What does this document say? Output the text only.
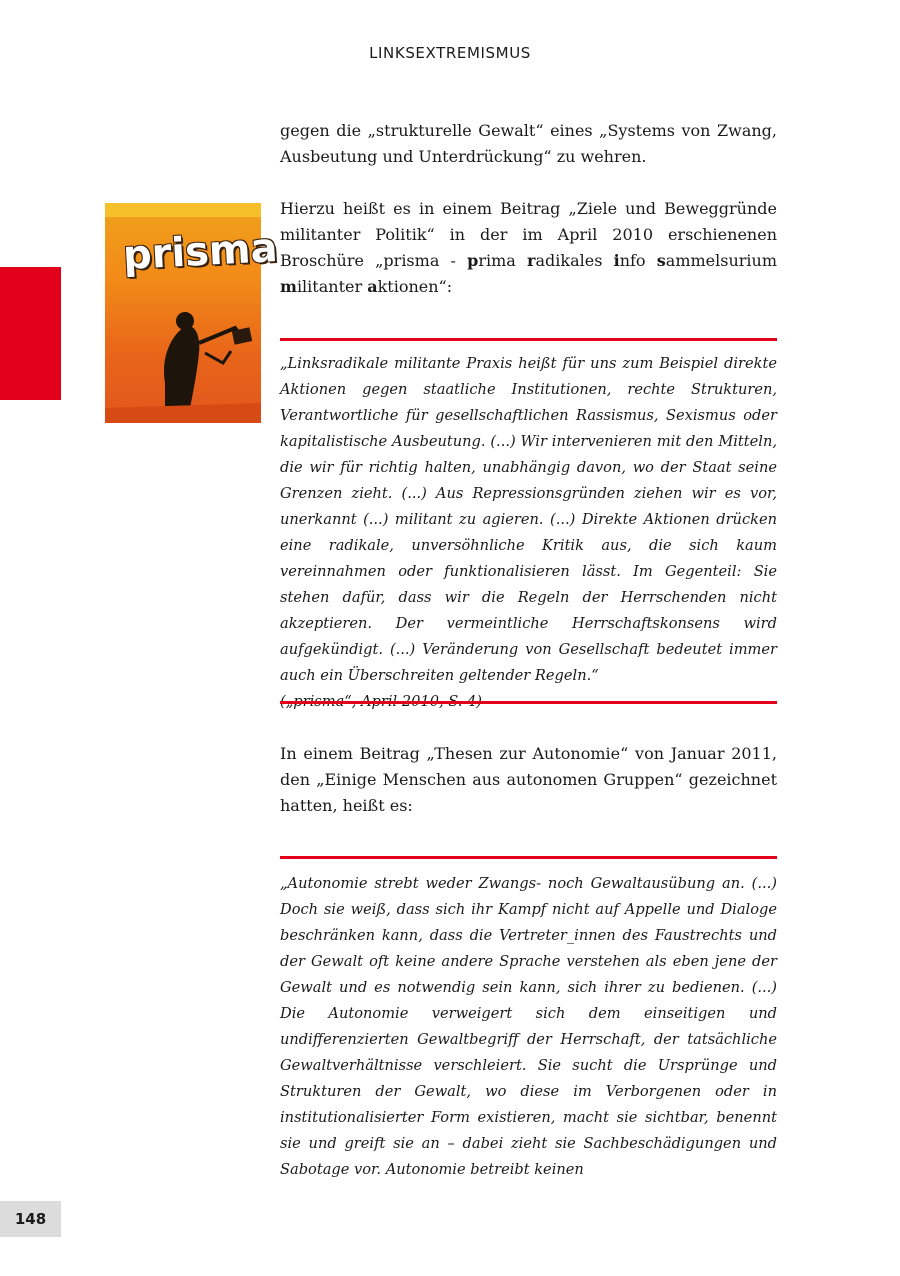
LINKSEXTREMISMUS
prisma

gegen die „strukturelle Gewalt“ eines „Systems von Zwang, Ausbeutung und Unterdrückung“ zu wehren.

Hierzu heißt es in einem Beitrag „Ziele und Beweggründe militanter Politik“ in der im April 2010 erschienenen Broschüre „prisma - prima radikales info sammelsurium militanter aktionen“:

„Linksradikale militante Praxis heißt für uns zum Beispiel direkte Aktionen gegen staatliche Institutionen, rechte Strukturen, Verantwortliche für gesellschaftlichen Rassismus, Sexismus oder kapitalistische Ausbeutung. (...) Wir intervenieren mit den Mitteln, die wir für richtig halten, unabhängig davon, wo der Staat seine Grenzen zieht. (...) Aus Repressionsgründen ziehen wir es vor, unerkannt (...) militant zu agieren. (...) Direkte Aktionen drücken eine radikale, unversöhnliche Kritik aus, die sich kaum vereinnahmen oder funktionalisieren lässt. Im Gegenteil: Sie stehen dafür, dass wir die Regeln der Herrschenden nicht akzeptieren. Der vermeintliche Herrschaftskonsens wird aufgekündigt. (...) Veränderung von Gesellschaft bedeutet immer auch ein Überschreiten geltender Regeln.“

In einem Beitrag „Thesen zur Autonomie“ von Januar 2011, den „Einige Menschen aus autonomen Gruppen“ gezeichnet hatten, heißt es:

„Autonomie strebt weder Zwangs- noch Gewaltausübung an. (...) Doch sie weiß, dass sich ihr Kampf nicht auf Appelle und Dialoge beschränken kann, dass die Vertreter_innen des Faustrechts und der Gewalt oft keine andere Sprache verstehen als eben jene der Gewalt und es notwendig sein kann, sich ihrer zu bedienen. (...) Die Autonomie verweigert sich dem einseitigen und undifferenzierten Gewaltbegriff der Herrschaft, der tatsächliche Gewaltverhältnisse verschleiert. Sie sucht die Ursprünge und Strukturen der Gewalt, wo diese im Verborgenen oder in institutionalisierter Form existieren, macht sie sichtbar, benennt sie und greift sie an – dabei zieht sie Sachbeschädigungen und Sabotage vor. Autonomie betreibt keinen

148
